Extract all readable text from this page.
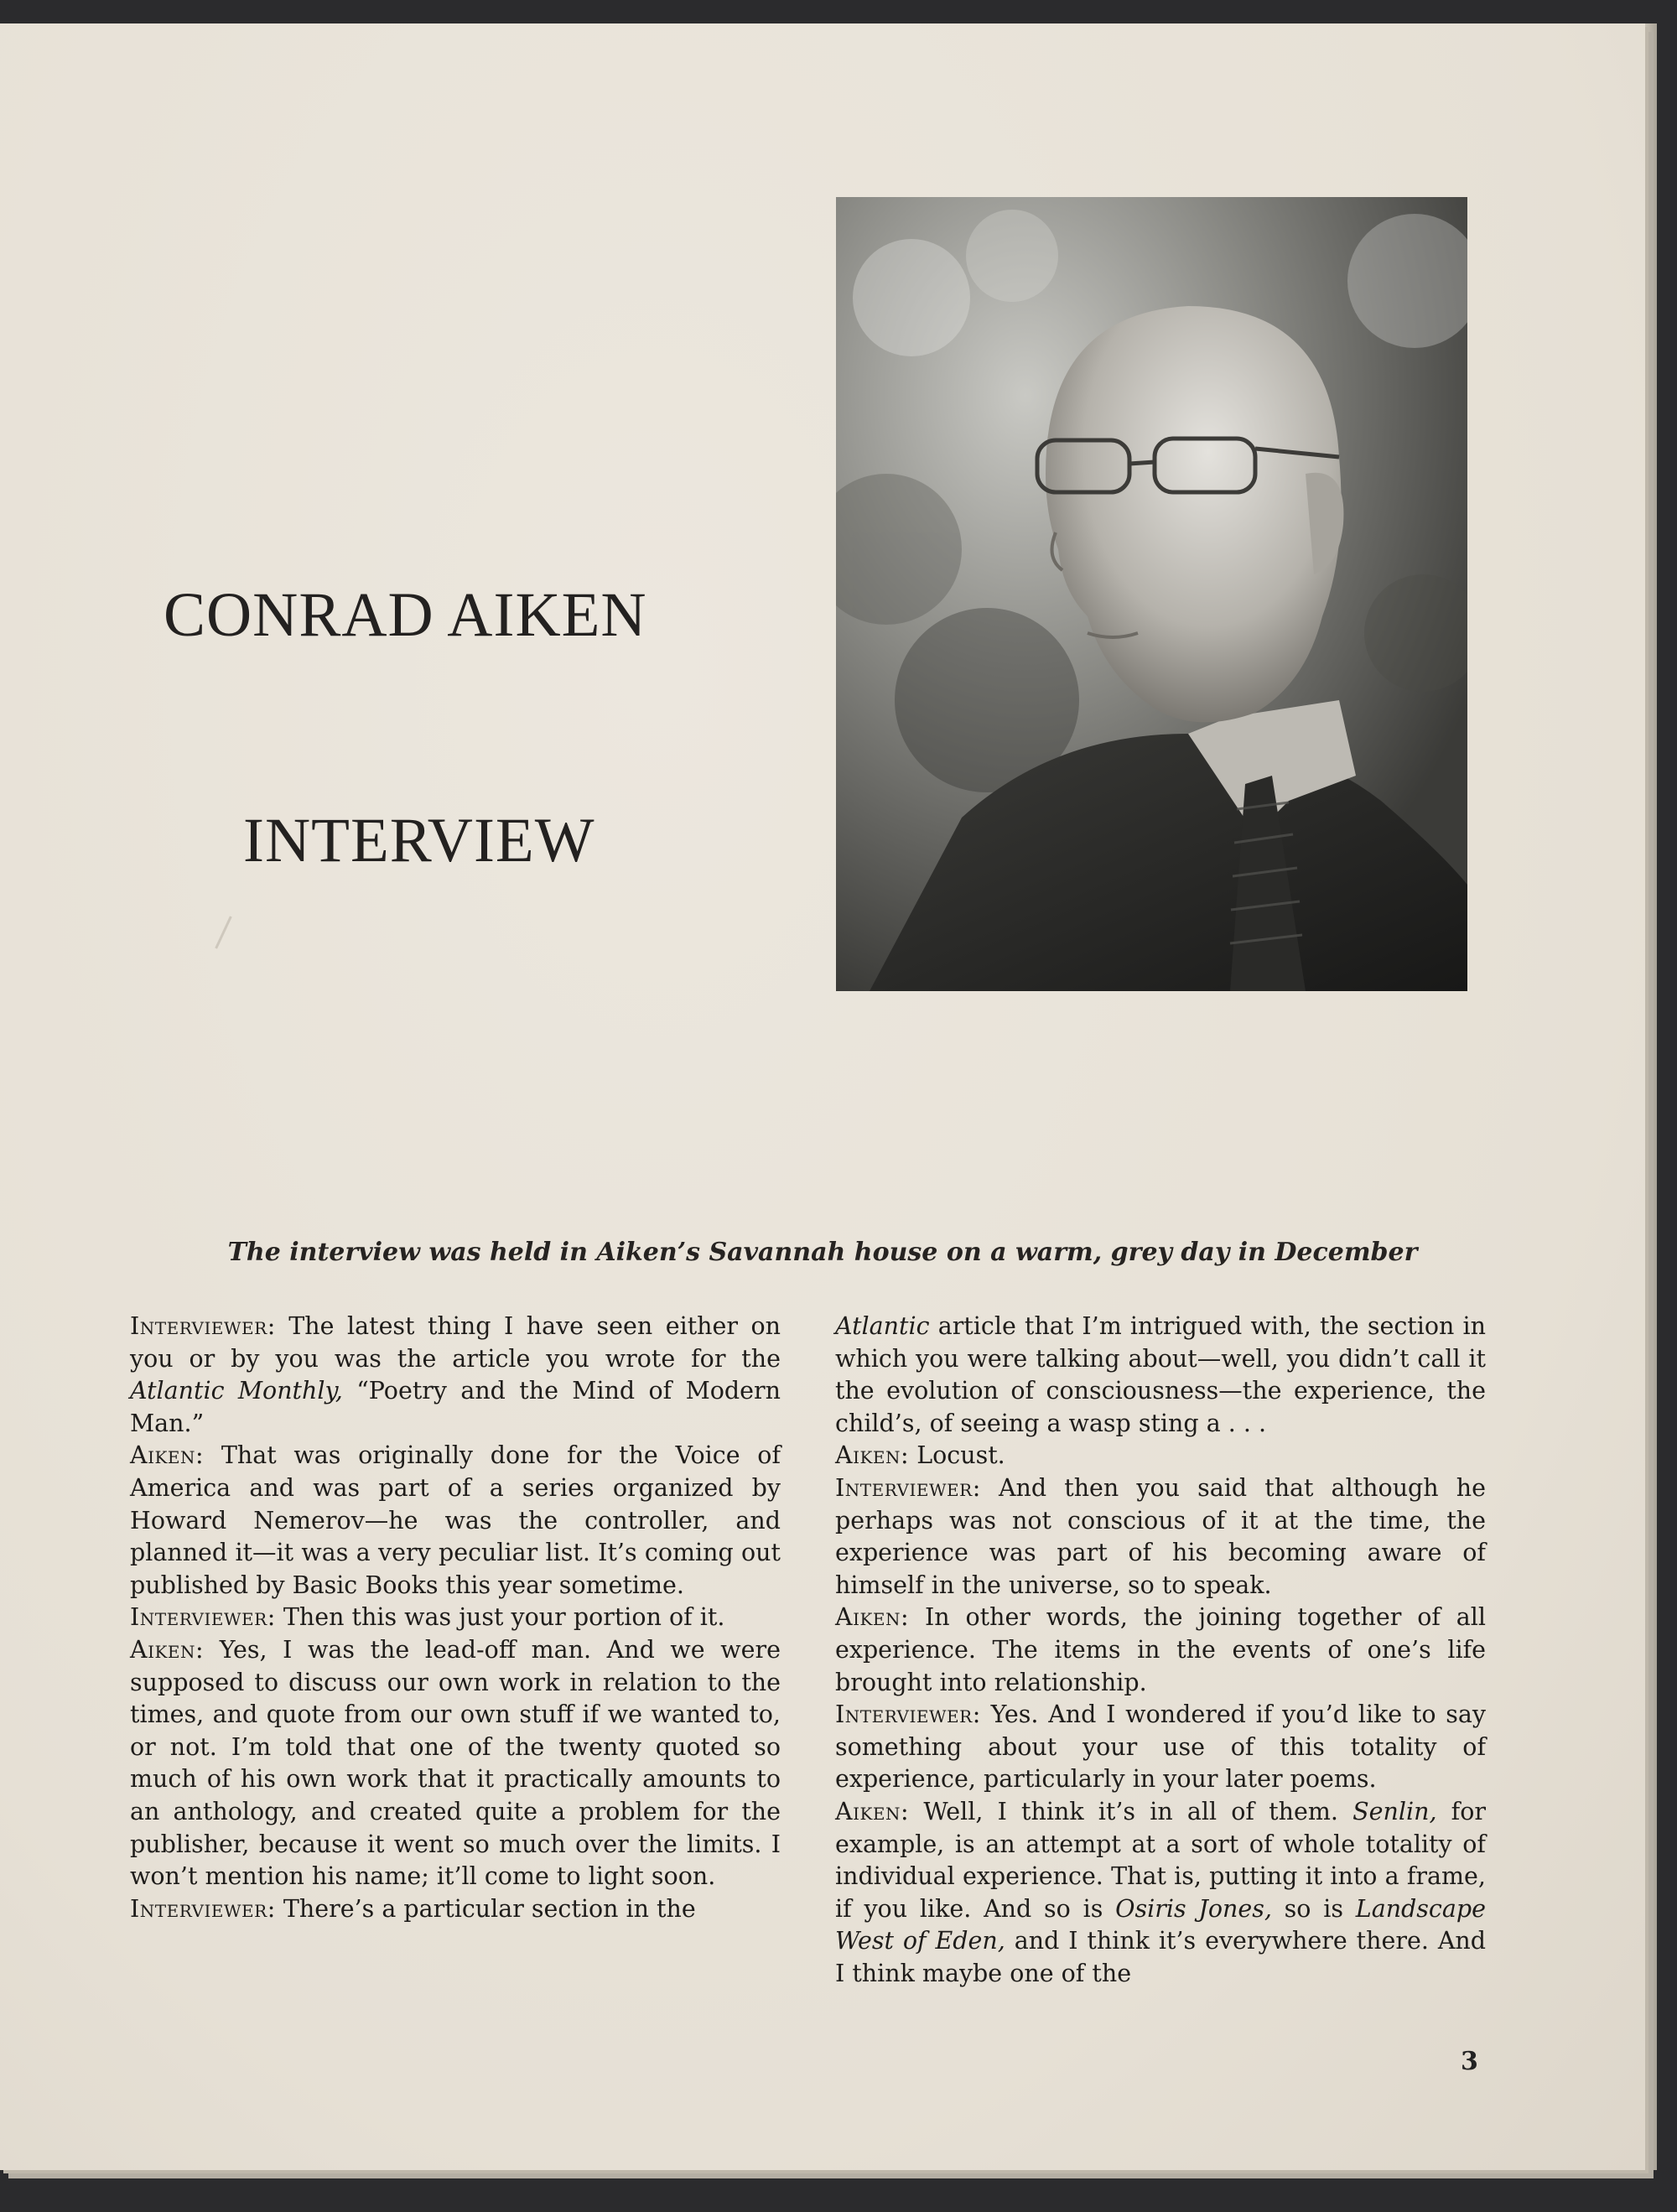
CONRAD AIKEN
INTERVIEW

The interview was held in Aiken’s Savannah house on a warm, grey day in December

Interviewer: The latest thing I have seen either on you or by you was the article you wrote for the Atlantic Monthly, “Poetry and the Mind of Modern Man.”

Aiken: That was originally done for the Voice of America and was part of a series organized by Howard Nemerov—he was the controller, and planned it—it was a very peculiar list. It’s coming out published by Basic Books this year sometime.

Interviewer: Then this was just your portion of it.

Aiken: Yes, I was the lead-off man. And we were supposed to discuss our own work in relation to the times, and quote from our own stuff if we wanted to, or not. I’m told that one of the twenty quoted so much of his own work that it practically amounts to an anthology, and created quite a problem for the publisher, because it went so much over the limits. I won’t mention his name; it’ll come to light soon.

Interviewer: There’s a particular section in the

Atlantic article that I’m intrigued with, the section in which you were talking about—well, you didn’t call it the evolution of consciousness—the experience, the child’s, of seeing a wasp sting a . . .

Aiken: Locust.

Interviewer: And then you said that although he perhaps was not conscious of it at the time, the experience was part of his becoming aware of himself in the universe, so to speak.

Aiken: In other words, the joining together of all experience. The items in the events of one’s life brought into relationship.

Interviewer: Yes. And I wondered if you’d like to say something about your use of this totality of experience, particularly in your later poems.

Aiken: Well, I think it’s in all of them. Senlin, for example, is an attempt at a sort of whole totality of individual experience. That is, putting it into a frame, if you like. And so is Osiris Jones, so is Landscape West of Eden, and I think it’s everywhere there. And I think maybe one of the

3
